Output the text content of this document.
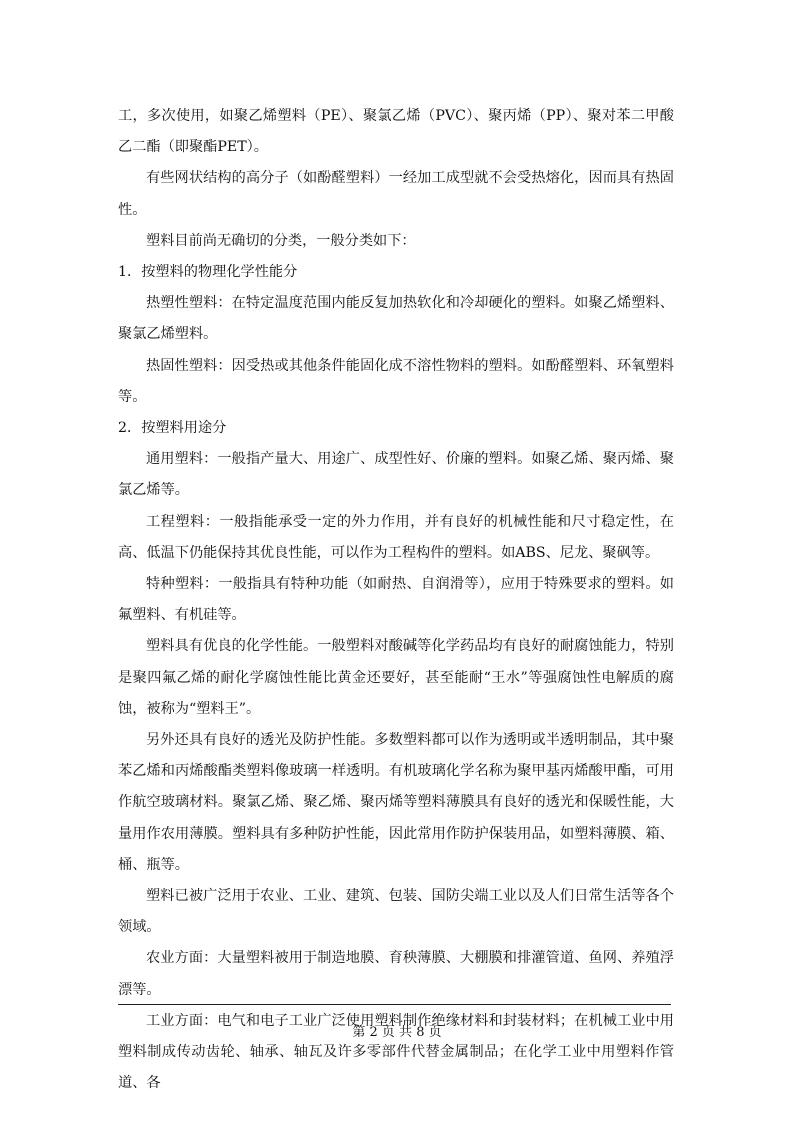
工，多次使用，如聚乙烯塑料（PE）、聚氯乙烯（PVC）、聚丙烯（PP）、聚对苯二甲酸乙二酯（即聚酯PET）。

有些网状结构的高分子（如酚醛塑料）一经加工成型就不会受热熔化，因而具有热固性。

塑料目前尚无确切的分类，一般分类如下：

1．按塑料的物理化学性能分

热塑性塑料：在特定温度范围内能反复加热软化和冷却硬化的塑料。如聚乙烯塑料、聚氯乙烯塑料。

热固性塑料：因受热或其他条件能固化成不溶性物料的塑料。如酚醛塑料、环氧塑料等。

2．按塑料用途分

通用塑料：一般指产量大、用途广、成型性好、价廉的塑料。如聚乙烯、聚丙烯、聚氯乙烯等。

工程塑料：一般指能承受一定的外力作用，并有良好的机械性能和尺寸稳定性，在高、低温下仍能保持其优良性能，可以作为工程构件的塑料。如ABS、尼龙、聚砜等。

特种塑料：一般指具有特种功能（如耐热、自润滑等），应用于特殊要求的塑料。如氟塑料、有机硅等。

塑料具有优良的化学性能。一般塑料对酸碱等化学药品均有良好的耐腐蚀能力，特别是聚四氟乙烯的耐化学腐蚀性能比黄金还要好，甚至能耐“王水”等强腐蚀性电解质的腐蚀，被称为“塑料王”。

另外还具有良好的透光及防护性能。多数塑料都可以作为透明或半透明制品，其中聚苯乙烯和丙烯酸酯类塑料像玻璃一样透明。有机玻璃化学名称为聚甲基丙烯酸甲酯，可用作航空玻璃材料。聚氯乙烯、聚乙烯、聚丙烯等塑料薄膜具有良好的透光和保暖性能，大量用作农用薄膜。塑料具有多种防护性能，因此常用作防护保装用品，如塑料薄膜、箱、桶、瓶等。

塑料已被广泛用于农业、工业、建筑、包装、国防尖端工业以及人们日常生活等各个领域。

农业方面：大量塑料被用于制造地膜、育秧薄膜、大棚膜和排灌管道、鱼网、养殖浮漂等。

工业方面：电气和电子工业广泛使用塑料制作绝缘材料和封装材料；在机械工业中用塑料制成传动齿轮、轴承、轴瓦及许多零部件代替金属制品；在化学工业中用塑料作管道、各

第 2 页 共 8 页
